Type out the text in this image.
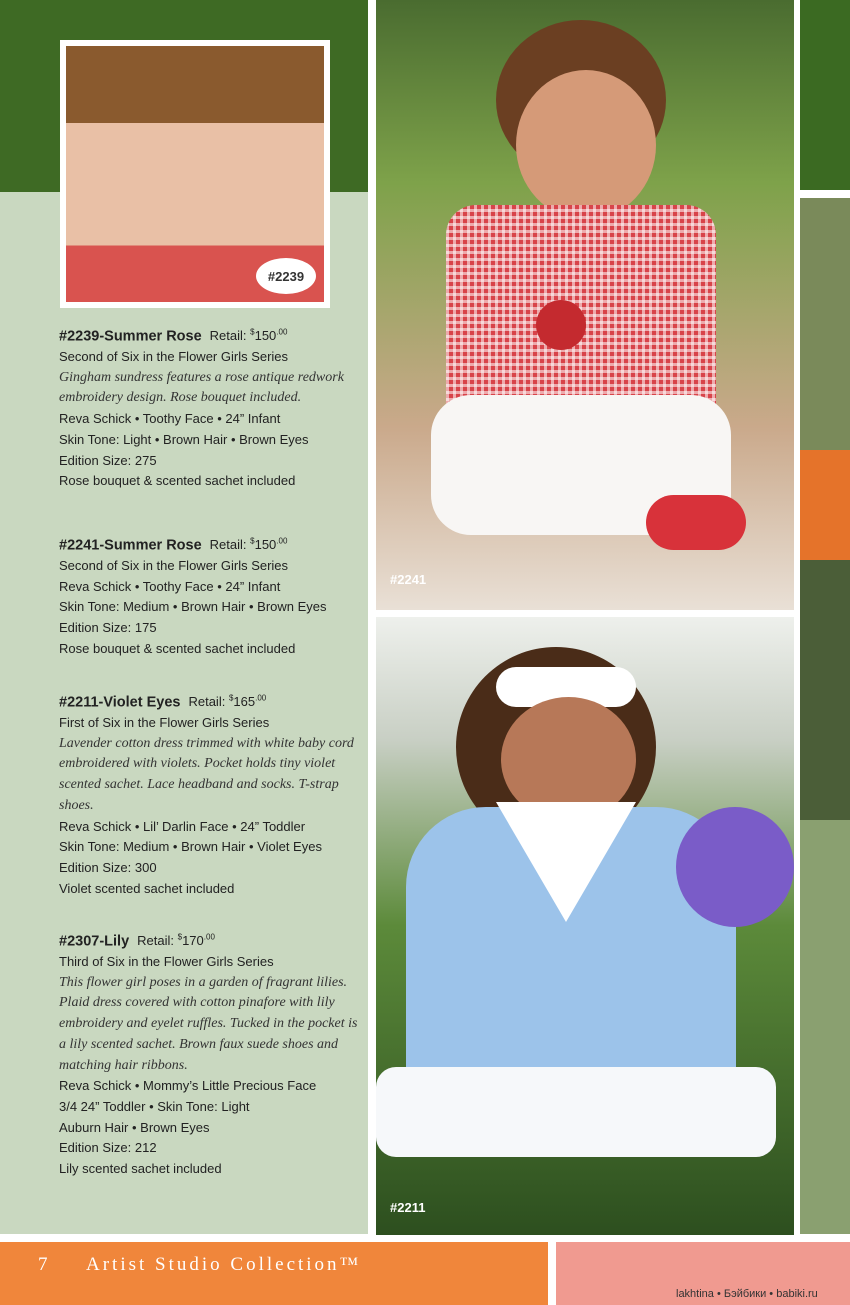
#2239

#2239-Summer Rose Retail: $^{\$}150^{.00}$

Second of Six in the Flower Girls Series

Gingham sundress features a rose antique redwork embroidery design. Rose bouquet included.

Reva Schick • Toothy Face • 24” Infant

Skin Tone: Light • Brown Hair • Brown Eyes

Edition Size: 275

Rose bouquet & scented sachet included

#2241-Summer Rose Retail: $^{\$}150^{.00}$

Second of Six in the Flower Girls Series

Reva Schick • Toothy Face • 24” Infant

Skin Tone: Medium • Brown Hair • Brown Eyes

Edition Size: 175

Rose bouquet & scented sachet included

#2211-Violet Eyes Retail: $^{\$}165^{.00}$

First of Six in the Flower Girls Series

Lavender cotton dress trimmed with white baby cord embroidered with violets. Pocket holds tiny violet scented sachet. Lace headband and socks. T-strap shoes.

Reva Schick • Lil’ Darlin Face • 24” Toddler

Skin Tone: Medium • Brown Hair • Violet Eyes

Edition Size: 300

Violet scented sachet included

#2307-Lily Retail: $^{\$}170^{.00}$

Third of Six in the Flower Girls Series

This flower girl poses in a garden of fragrant lilies. Plaid dress covered with cotton pinafore with lily embroidery and eyelet ruffles. Tucked in the pocket is a lily scented sachet. Brown faux suede shoes and matching hair ribbons.

Reva Schick • Mommy’s Little Precious Face

3/4 24” Toddler • Skin Tone: Light

Auburn Hair • Brown Eyes

Edition Size: 212

Lily scented sachet included

#2241
#2211
7 Artist Studio Collection™
lakhtina • Бэйбики • babiki.ru
